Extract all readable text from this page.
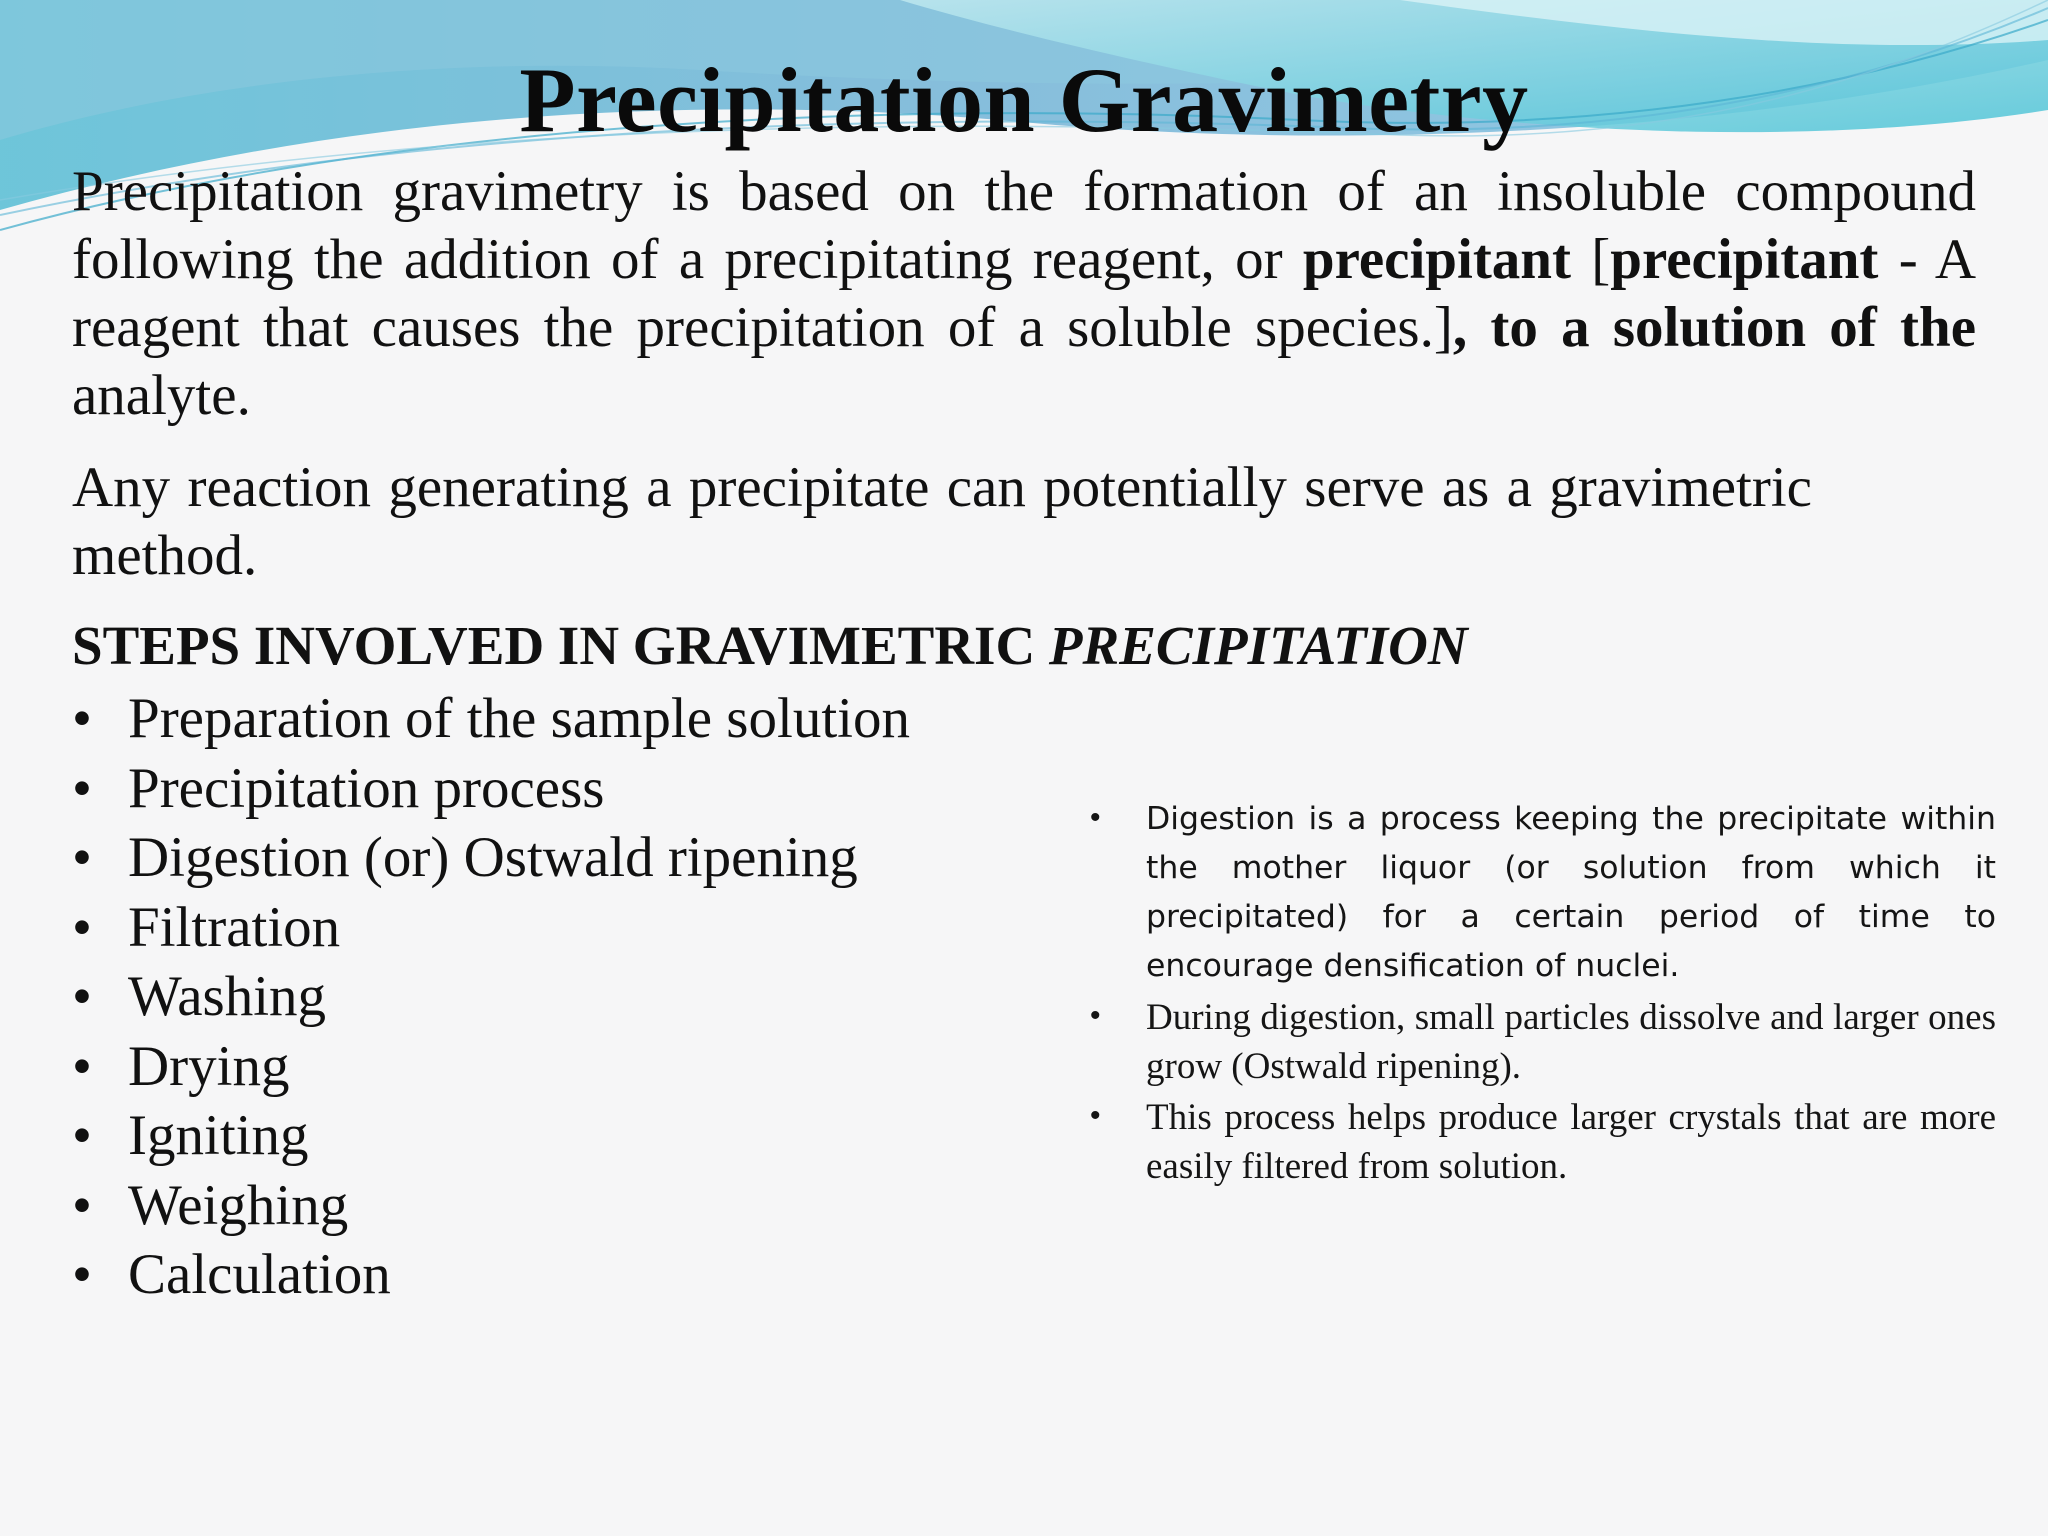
Precipitation Gravimetry
Precipitation gravimetry is based on the formation of an insoluble compound following the addition of a precipitating reagent, or precipitant [precipitant - A reagent that causes the precipitation of a soluble species.], to a solution of the analyte.
Any reaction generating a precipitate can potentially serve as a gravimetric method.
STEPS INVOLVED IN GRAVIMETRIC PRECIPITATION
• Preparation of the sample solution
• Precipitation process
• Digestion (or) Ostwald ripening
• Filtration
• Washing
• Drying
• Igniting
• Weighing
• Calculation
• Digestion is a process keeping the precipitate within the mother liquor (or solution from which it precipitated) for a certain period of time to encourage densification of nuclei.
• During digestion, small particles dissolve and larger ones grow (Ostwald ripening).
• This process helps produce larger crystals that are more easily filtered from solution.
